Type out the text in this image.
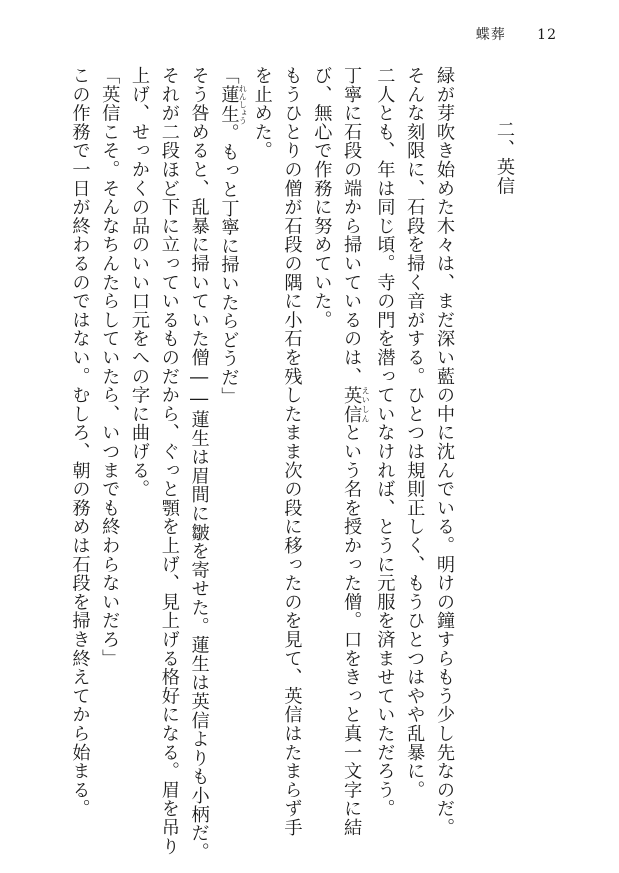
蝶葬 12
二、英信
緑が芽吹き始めた木々は、まだ深い藍の中に沈んでいる。明けの鐘すらもう少し先なのだ。
そんな刻限に、石段を掃く音がする。ひとつは規則正しく、もうひとつはやや乱暴に。
二人とも、年は同じ頃。寺の門を潜っていなければ、とうに元服を済ませていただろう。
丁寧に石段の端から掃いているのは、英信 えいしんという名を授かった僧。口をきっと真一文字に結
び、無心で作務に努めていた。
もうひとりの僧が石段の隅に小石を残したまま次の段に移ったのを見て、英信はたまらず手
を止めた。
「蓮生 れんしょう。もっと丁寧に掃いたらどうだ」
そう咎めると、乱暴に掃いていた僧――蓮生は眉間に皺を寄せた。蓮生は英信よりも小柄だ。
それが二段ほど下に立っているものだから、ぐっと顎を上げ、見上げる格好になる。眉を吊り
上げ、せっかくの品のいい口元をへの字に曲げる。
「英信こそ。そんなちんたらしていたら、いつまでも終わらないだろ」
この作務で一日が終わるのではない。むしろ、朝の務めは石段を掃き終えてから始まる。
